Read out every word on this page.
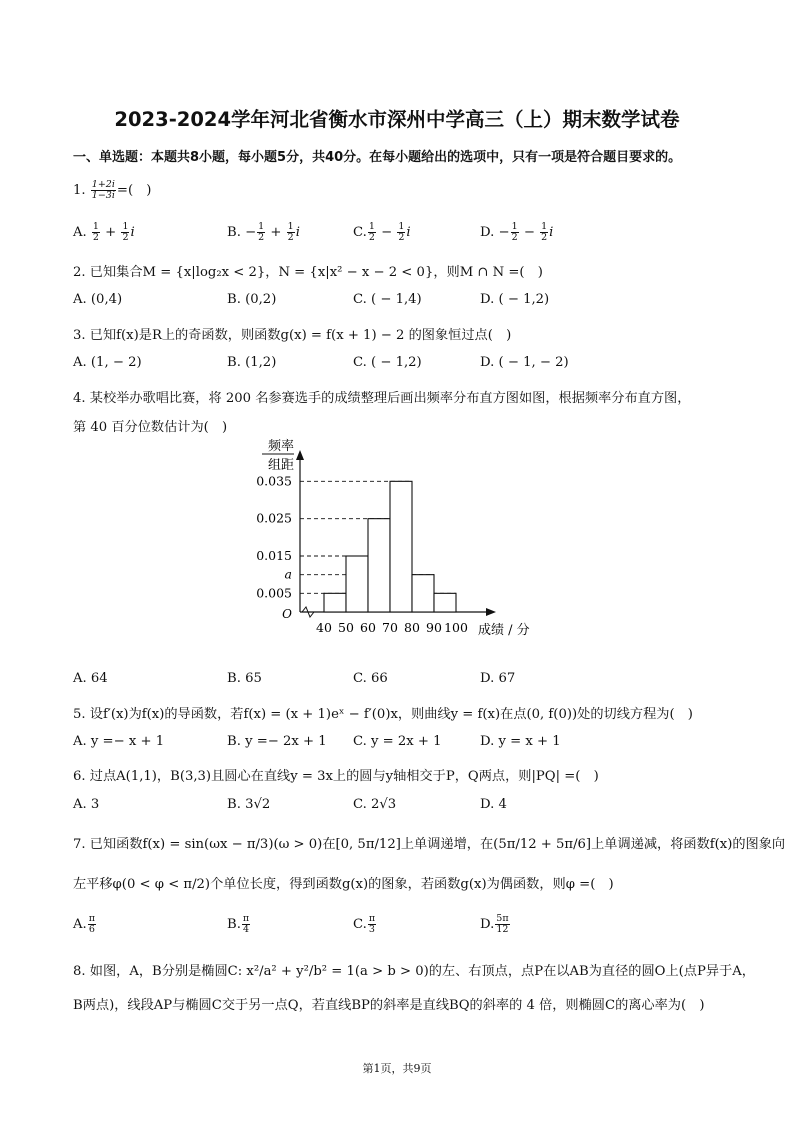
2023-2024学年河北省衡水市深州中学高三（上）期末数学试卷
一、单选题：本题共8小题，每小题5分，共40分。在每小题给出的选项中，只有一项是符合题目要求的。
1. $\frac{1+2i}{1-3i}$ =( )
A. $\frac{1}{2} + \frac{1}{2}$ i	B. − $\frac{1}{2} + \frac{1}{2}$ i	C. $\frac{1}{2} - \frac{1}{2}$ i	D. − $\frac{1}{2} - \frac{1}{2}$ i
2. 已知集合M = {x|log₂x < 2}，N = {x|x² − x − 2 < 0}，则M ∩ N =( )
A. (0,4)	B. (0,2)	C. ( − 1,4)	D. ( − 1,2)
3. 已知f(x)是R上的奇函数，则函数g(x) = f(x + 1) − 2 的图象恒过点( )
A. (1, − 2)	B. (1,2)	C. ( − 1,2)	D. ( − 1, − 2)
4. 某校举办歌唱比赛，将 200 名参赛选手的成绩整理后画出频率分布直方图如图，根据频率分布直方图，
第 40 百分位数估计为( )
频率
组距
O
0.035
0.025
0.015
a
0.005
40 50 60 70 80 90 100 成绩 / 分
A. 64	B. 65	C. 66	D. 67
5. 设f′(x)为f(x)的导函数，若f(x) = (x + 1)eˣ − f′(0)x，则曲线y = f(x)在点(0, f(0))处的切线方程为( )
A. y =− x + 1	B. y =− 2x + 1 C. y = 2x + 1	D. y = x + 1
6. 过点A(1,1)，B(3,3)且圆心在直线y = 3x上的圆与y轴相交于P，Q两点，则|PQ| =( )
A. 3	B. 3√2	C. 2√3	D. 4
7. 已知函数f(x) = sin(ωx − π/3)(ω > 0)在[0, 5π/12]上单调递增，在(5π/12 + 5π/6]上单调递减，将函数f(x)的图象向
左平移φ(0 < φ < π/2)个单位长度，得到函数g(x)的图象，若函数g(x)为偶函数，则φ =( )
A. $\frac{\pi}{6}$	B. $\frac{\pi}{4}$	C. $\frac{\pi}{3}$	D. $\frac{5\pi}{12}$
8. 如图，A，B分别是椭圆C: x²/a² + y²/b² = 1(a > b > 0)的左、右顶点，点P在以AB为直径的圆O上(点P异于A，
B两点)，线段AP与椭圆C交于另一点Q，若直线BP的斜率是直线BQ的斜率的 4 倍，则椭圆C的离心率为( )
第1页，共9页
